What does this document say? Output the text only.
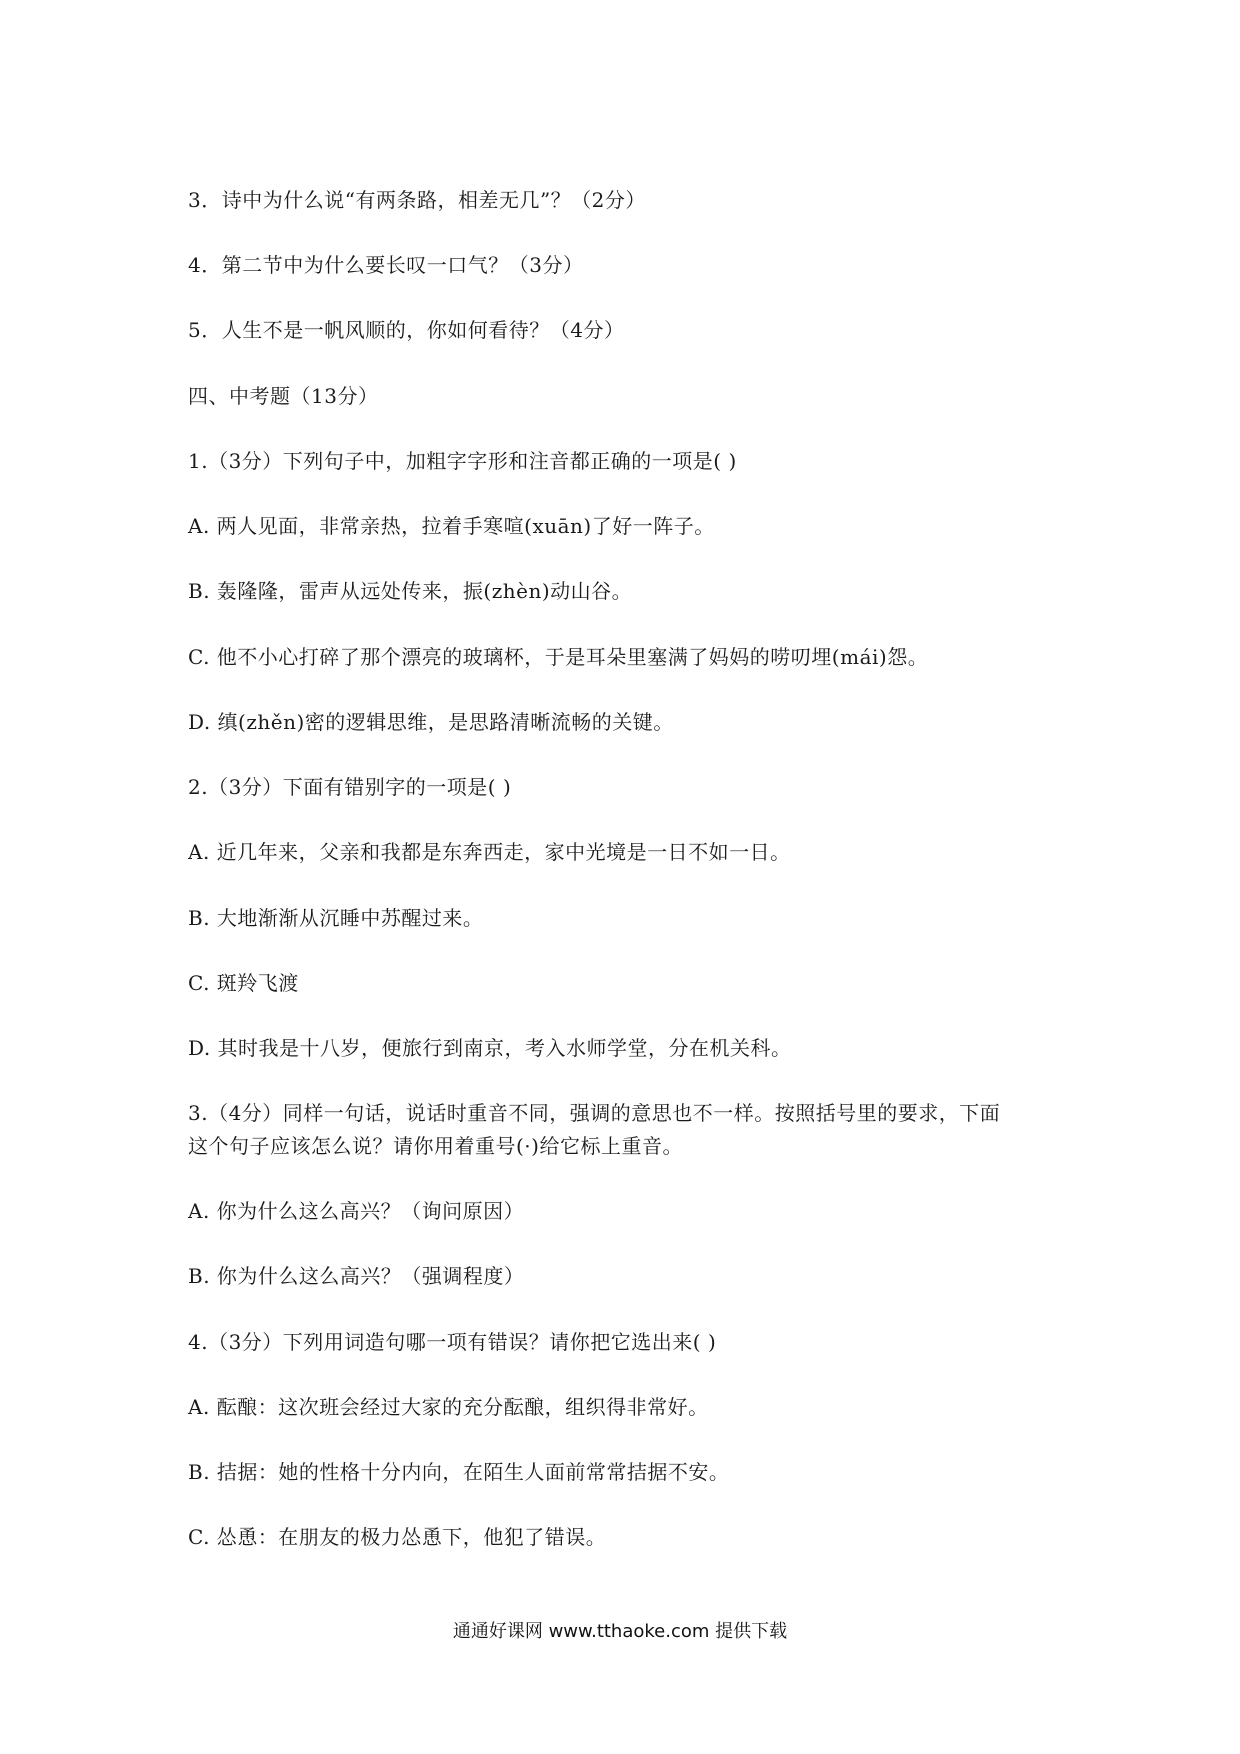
3．诗中为什么说“有两条路，相差无几”？（2分）
4．第二节中为什么要长叹一口气？（3分）
5．人生不是一帆风顺的，你如何看待？（4分）
四、中考题（13分）
1.（3分）下列句子中，加粗字字形和注音都正确的一项是( )
A. 两人见面，非常亲热，拉着手寒喧(xuān)了好一阵子。
B. 轰隆隆，雷声从远处传来，振(zhèn)动山谷。
C. 他不小心打碎了那个漂亮的玻璃杯，于是耳朵里塞满了妈妈的唠叨埋(mái)怨。
D. 缜(zhěn)密的逻辑思维，是思路清晰流畅的关键。
2.（3分）下面有错别字的一项是( )
A. 近几年来，父亲和我都是东奔西走，家中光境是一日不如一日。
B. 大地渐渐从沉睡中苏醒过来。
C. 斑羚飞渡
D. 其时我是十八岁，便旅行到南京，考入水师学堂，分在机关科。
3.（4分）同样一句话，说话时重音不同，强调的意思也不一样。按照括号里的要求，下面
这个句子应该怎么说？请你用着重号(·)给它标上重音。
A. 你为什么这么高兴？（询问原因）
B. 你为什么这么高兴？（强调程度）
4.（3分）下列用词造句哪一项有错误？请你把它选出来( )
A. 酝酿：这次班会经过大家的充分酝酿，组织得非常好。
B. 拮据：她的性格十分内向，在陌生人面前常常拮据不安。
C. 怂恿：在朋友的极力怂恿下，他犯了错误。
通通好课网 www.tthaoke.com 提供下载
